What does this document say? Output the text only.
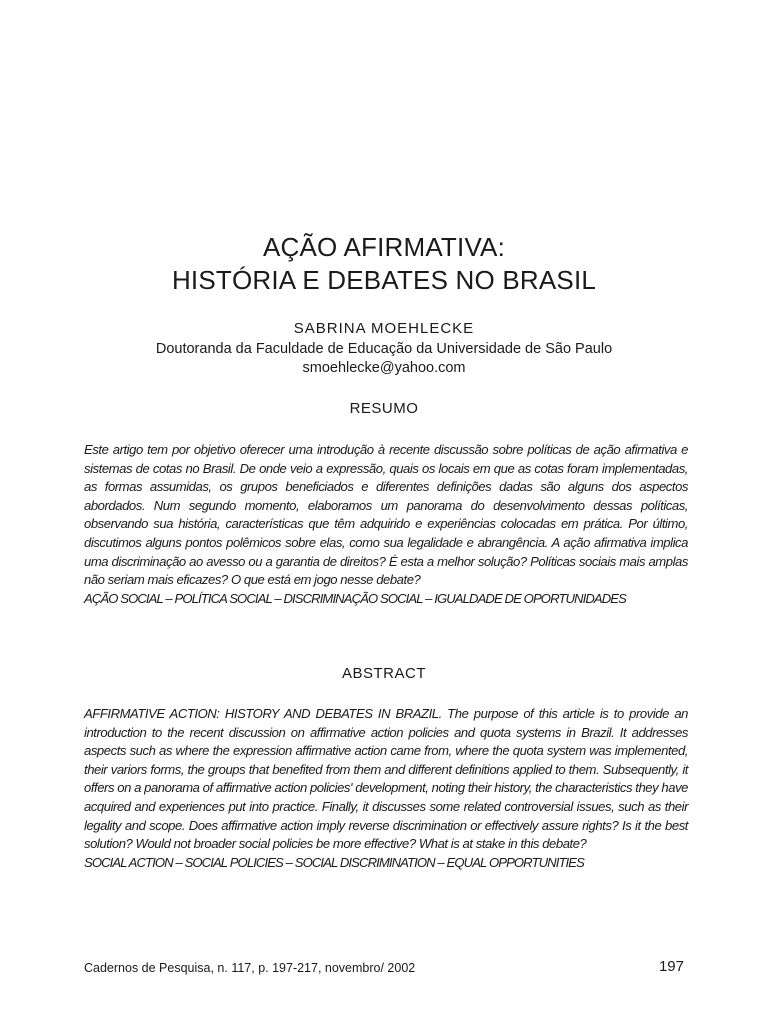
AÇÃO AFIRMATIVA:
HISTÓRIA E DEBATES NO BRASIL
SABRINA MOEHLECKE
Doutoranda da Faculdade de Educação da Universidade de São Paulo
smoehlecke@yahoo.com
RESUMO

Este artigo tem por objetivo oferecer uma introdução à recente discussão sobre políticas de ação afirmativa e sistemas de cotas no Brasil. De onde veio a expressão, quais os locais em que as cotas foram implementadas, as formas assumidas, os grupos beneficiados e diferentes definições dadas são alguns dos aspectos abordados. Num segundo momento, elaboramos um panorama do desenvolvimento dessas políticas, observando sua história, características que têm adquirido e experiências colocadas em prática. Por último, discutimos alguns pontos polêmicos sobre elas, como sua legalidade e abrangência. A ação afirmativa implica uma discriminação ao avesso ou a garantia de direitos? É esta a melhor solução? Políticas sociais mais amplas não seriam mais eficazes? O que está em jogo nesse debate?

AÇÃO SOCIAL – POLÍTICA SOCIAL – DISCRIMINAÇÃO SOCIAL – IGUALDADE DE OPORTUNIDADES

ABSTRACT

AFFIRMATIVE ACTION: HISTORY AND DEBATES IN BRAZIL. The purpose of this article is to provide an introduction to the recent discussion on affirmative action policies and quota systems in Brazil. It addresses aspects such as where the expression affirmative action came from, where the quota system was implemented, their variors forms, the groups that benefited from them and different definitions applied to them. Subsequently, it offers on a panorama of affirmative action policies' development, noting their history, the characteristics they have acquired and experiences put into practice. Finally, it discusses some related controversial issues, such as their legality and scope. Does affirmative action imply reverse discrimination or effectively assure rights? Is it the best solution? Would not broader social policies be more effective? What is at stake in this debate?

SOCIAL ACTION – SOCIAL POLICIES – SOCIAL DISCRIMINATION – EQUAL OPPORTUNITIES

Cadernos de Pesquisa, n. 117, p. 197-217, novembro/ 2002	197
